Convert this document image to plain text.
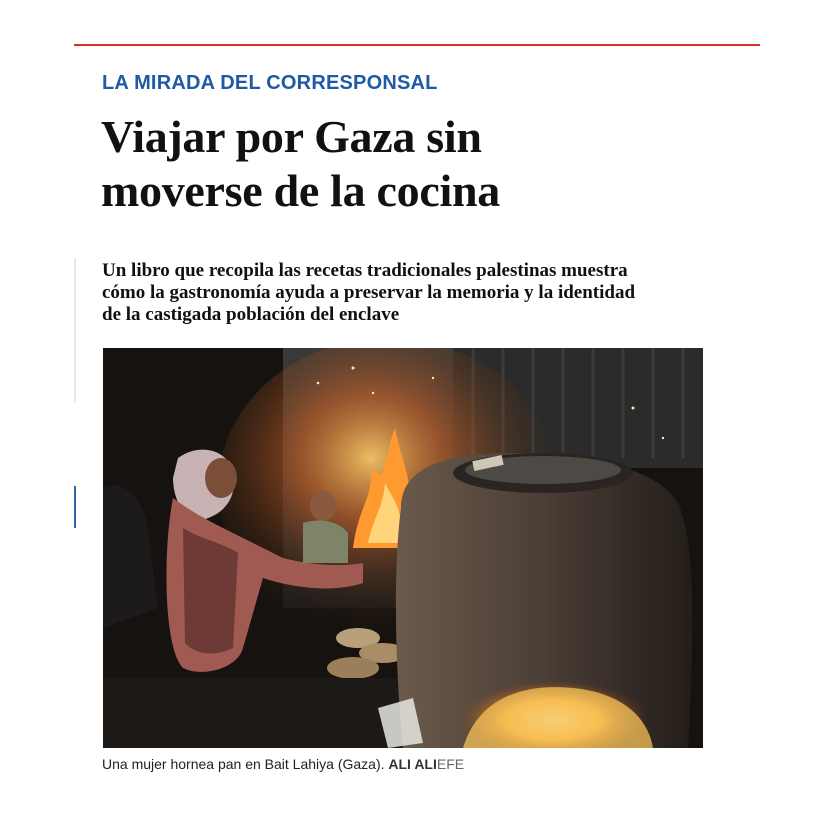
LA MIRADA DEL CORRESPONSAL

Viajar por Gaza sin
moverse de la cocina

Un libro que recopila las recetas tradicionales palestinas muestra
cómo la gastronomía ayuda a preservar la memoria y la identidad
de la castigada población del enclave

Una mujer hornea pan en Bait Lahiya (Gaza). ALI ALIEFE
